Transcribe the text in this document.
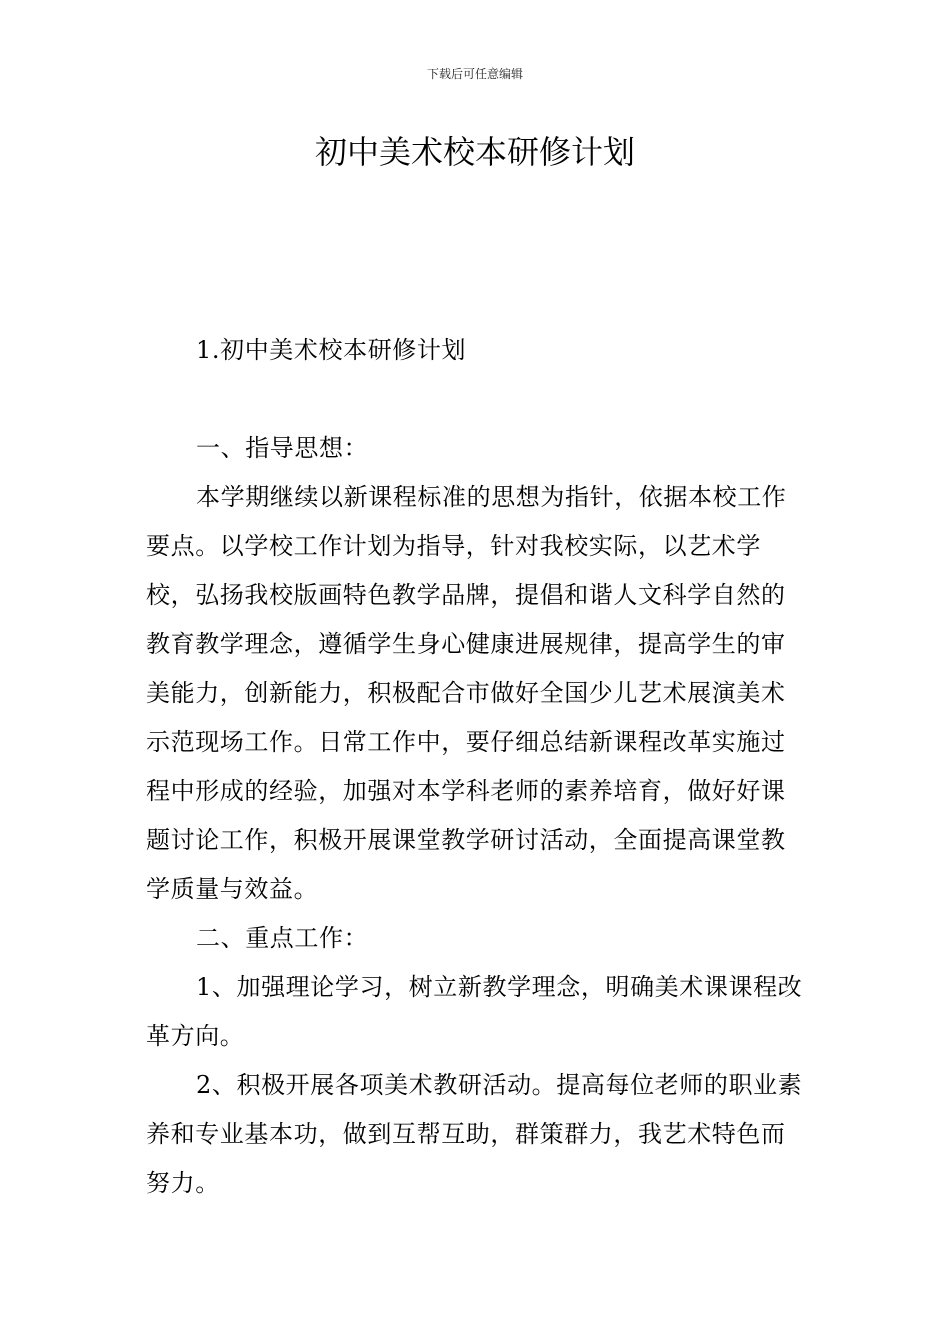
下载后可任意编辑
初中美术校本研修计划

1.初中美术校本研修计划

一、指导思想：

本学期继续以新课程标准的思想为指针，依据本校工作要点。以学校工作计划为指导，针对我校实际，以艺术学校，弘扬我校版画特色教学品牌，提倡和谐人文科学自然的教育教学理念，遵循学生身心健康进展规律，提高学生的审美能力，创新能力，积极配合市做好全国少儿艺术展演美术示范现场工作。日常工作中，要仔细总结新课程改革实施过程中形成的经验，加强对本学科老师的素养培育，做好好课题讨论工作，积极开展课堂教学研讨活动，全面提高课堂教学质量与效益。

二、重点工作：

1、加强理论学习，树立新教学理念，明确美术课课程改革方向。

2、积极开展各项美术教研活动。提高每位老师的职业素养和专业基本功，做到互帮互助，群策群力，我艺术特色而努力。
